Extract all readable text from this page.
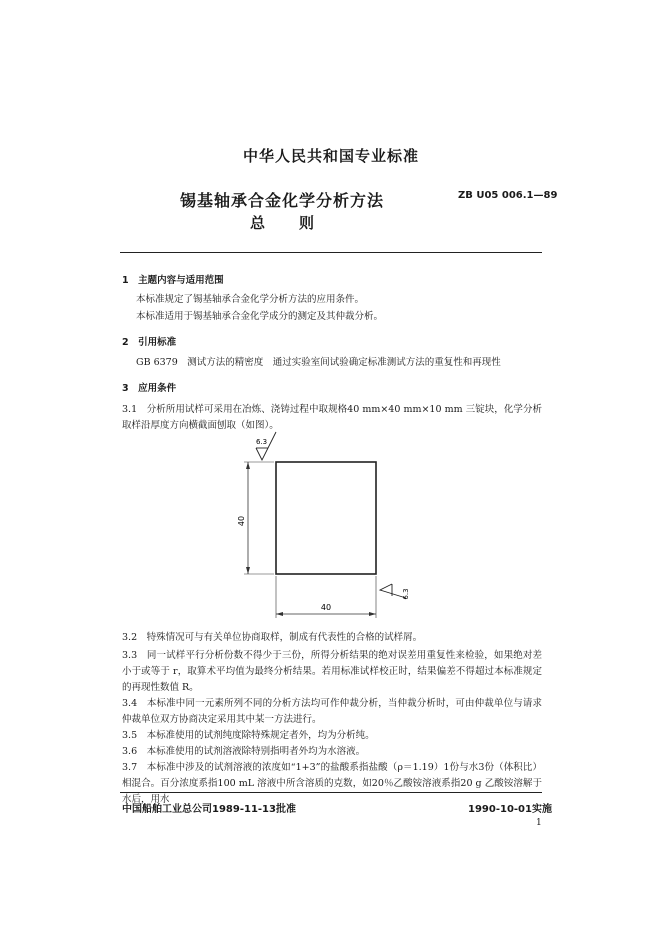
中华人民共和国专业标准
锡基轴承合金化学分析方法
总则
ZB U05 006.1—89
1　主题内容与适用范围
本标准规定了锡基轴承合金化学分析方法的应用条件。
本标准适用于锡基轴承合金化学成分的测定及其仲裁分析。
2　引用标准
GB 6379　测试方法的精密度　通过实验室间试验确定标准测试方法的重复性和再现性
3　应用条件
3.1　分析所用试样可采用在冶炼、浇铸过程中取规格40 mm×40 mm×10 mm 三锭块，化学分析取样沿厚度方向横截面刨取（如图）。
40
40
6.3
6.3
3.2　特殊情况可与有关单位协商取样，制成有代表性的合格的试样屑。
3.3　同一试样平行分析份数不得少于三份，所得分析结果的绝对误差用重复性来检验，如果绝对差小于或等于 r，取算术平均值为最终分析结果。若用标准试样校正时，结果偏差不得超过本标准规定的再现性数值 R。
3.4　本标准中同一元素所列不同的分析方法均可作仲裁分析，当仲裁分析时，可由仲裁单位与请求仲裁单位双方协商决定采用其中某一方法进行。
3.5　本标准使用的试剂纯度除特殊规定者外，均为分析纯。
3.6　本标准使用的试剂溶液除特别指明者外均为水溶液。
3.7　本标准中涉及的试剂溶液的浓度如“1+3”的盐酸系指盐酸（ρ＝1.19）1份与水3份（体积比）相混合。百分浓度系指100 mL 溶液中所含溶质的克数，如20％乙酸铵溶液系指20 g 乙酸铵溶解于水后，用水
中国船舶工业总公司1989-11-13批准	1990-10-01实施
1
